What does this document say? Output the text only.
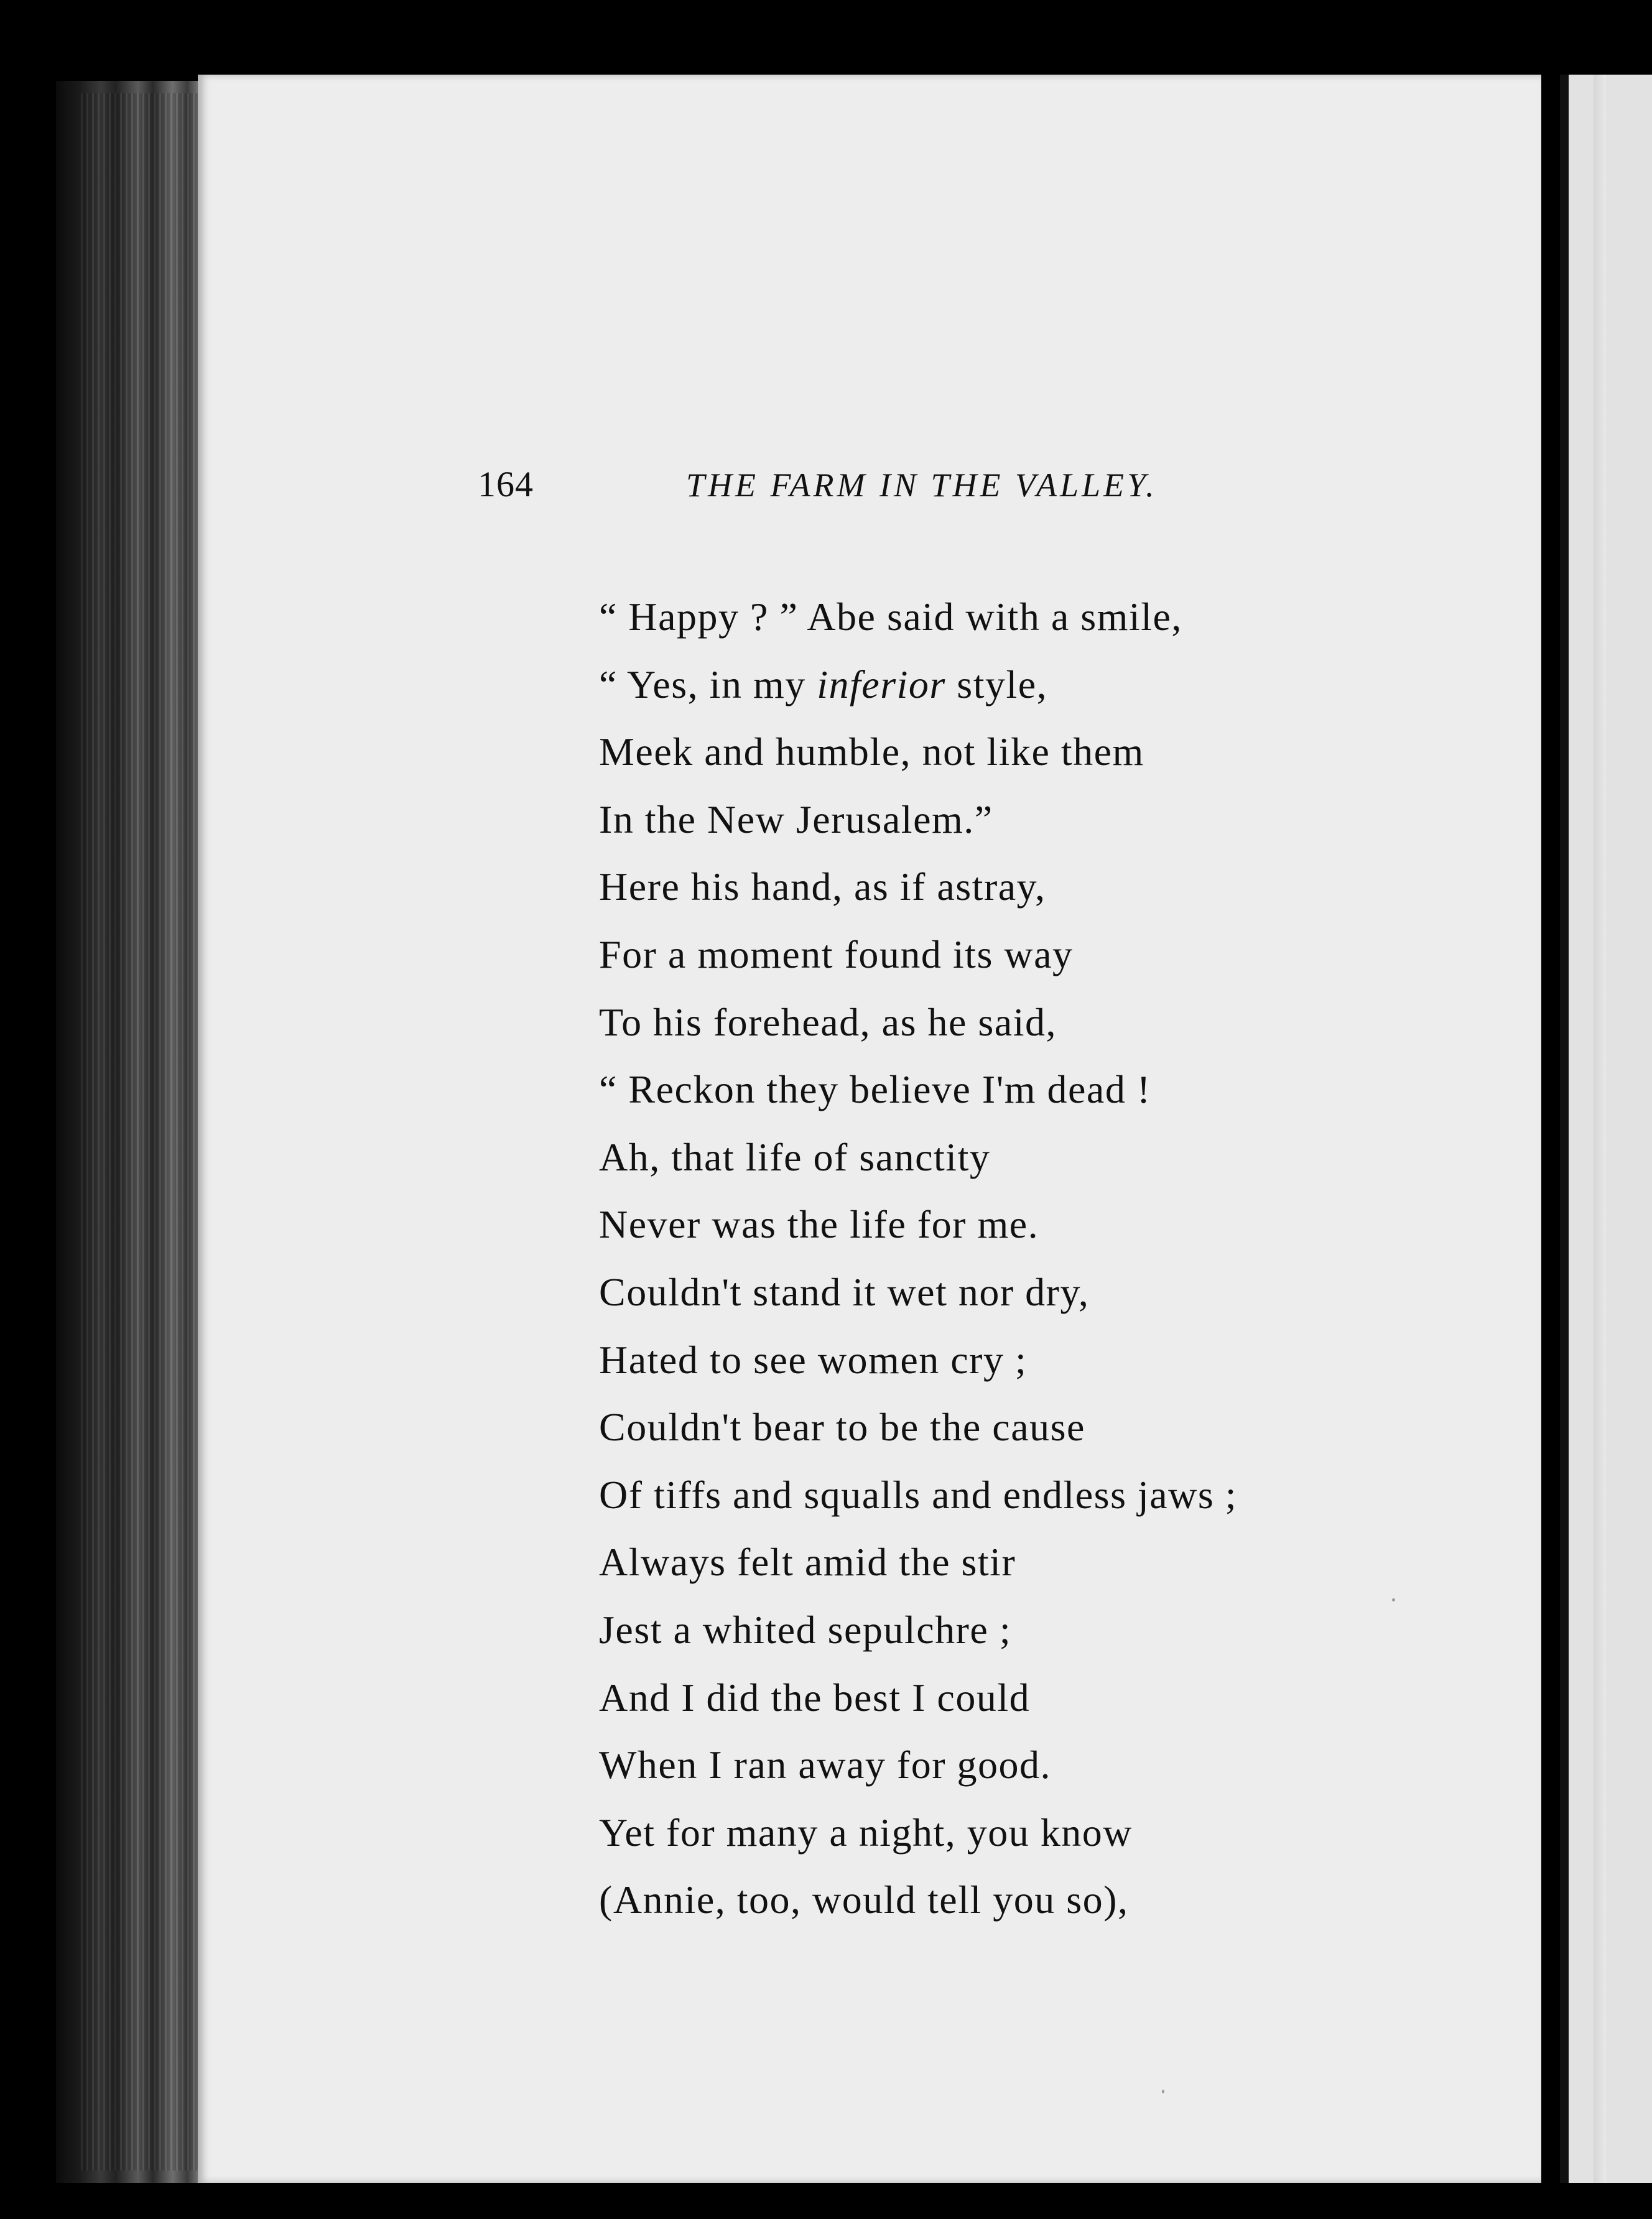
164	THE FARM IN THE VALLEY.
“ Happy ? ” Abe said with a smile,
“ Yes, in my inferior style,
Meek and humble, not like them
In the New Jerusalem.”
Here his hand, as if astray,
For a moment found its way
To his forehead, as he said,
“ Reckon they believe I'm dead !
Ah, that life of sanctity
Never was the life for me.
Couldn't stand it wet nor dry,
Hated to see women cry ;
Couldn't bear to be the cause
Of tiffs and squalls and endless jaws ;
Always felt amid the stir
Jest a whited sepulchre ;
And I did the best I could
When I ran away for good.
Yet for many a night, you know
(Annie, too, would tell you so),
